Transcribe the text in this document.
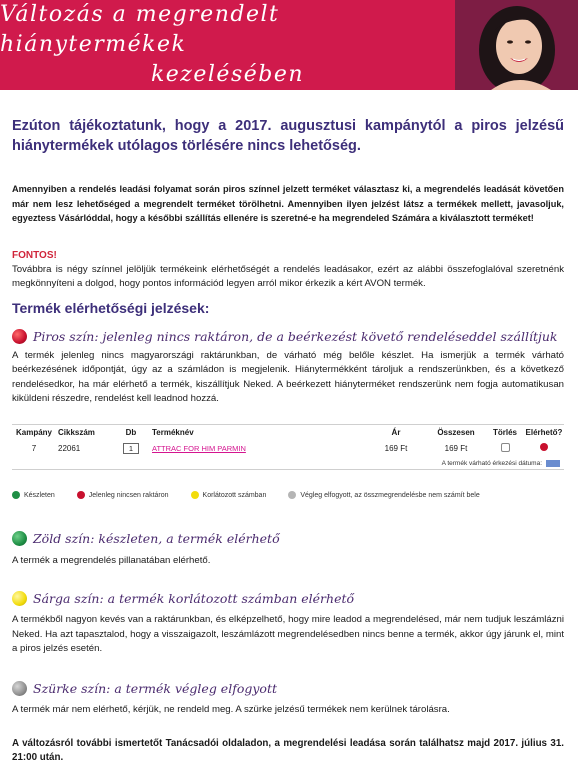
Változás a megrendelt hiánytermékek
kezelésében
Ezúton tájékoztatunk, hogy a 2017. augusztusi kampánytól a piros jelzésű hiánytermékek utólagos törlésére nincs lehetőség.
Amennyiben a rendelés leadási folyamat során piros színnel jelzett terméket választasz ki, a megrendelés leadását követően már nem lesz lehetőséged a megrendelt terméket törölhetni. Amennyiben ilyen jelzést látsz a termékek mellett, javasoljuk, egyeztess Vásárlóddal, hogy a későbbi szállítás ellenére is szeretné-e ha megrendeled Számára a kiválasztott terméket!
FONTOS!
Továbbra is négy színnel jelöljük termékeink elérhetőségét a rendelés leadásakor, ezért az alábbi összefoglalóval szeretnénk megkönnyíteni a dolgod, hogy pontos információd legyen arról mikor érkezik a kért AVON termék.
Termék elérhetőségi jelzések:
Piros szín: jelenleg nincs raktáron, de a beérkezést követő rendeléseddel szállítjuk
A termék jelenleg nincs magyarországi raktárunkban, de várható még belőle készlet. Ha ismerjük a termék várható beérkezésének időpontját, úgy az a számládon is megjelenik. Hiánytermékként tároljuk a rendszerünkben, és a következő rendelésedkor, ha már elérhető a termék, kiszállítjuk Neked. A beérkezett hiányterméket rendszerünk nem fogja automatikusan kiküldeni részedre, rendelést kell leadnod hozzá.
Kampány Cikkszám	Db	Terméknév	Ár	Összesen	Törlés	Elérhető?
7	22061	1	ATTRAC FOR HIM PARMIN	169 Ft	169 Ft
A termék várható érkezési dátuma:
Készleten	Jelenleg nincsen raktáron	Korlátozott számban	Végleg elfogyott, az összmegrendelésbe nem számít bele
Zöld szín: készleten, a termék elérhető
A termék a megrendelés pillanatában elérhető.
Sárga szín: a termék korlátozott számban elérhető
A termékből nagyon kevés van a raktárunkban, és elképzelhető, hogy mire leadod a megrendelésed, már nem tudjuk leszámlázni Neked. Ha azt tapasztalod, hogy a visszaigazolt, leszámlázott megrendelésedben nincs benne a termék, akkor úgy járunk el, mint a piros jelzés esetén.
Szürke szín: a termék végleg elfogyott
A termék már nem elérhető, kérjük, ne rendeld meg. A szürke jelzésű termékek nem kerülnek tárolásra.
A változásról további ismertetőt Tanácsadói oldaladon, a megrendelési leadása során találhatsz majd 2017. július 31. 21:00 után.
